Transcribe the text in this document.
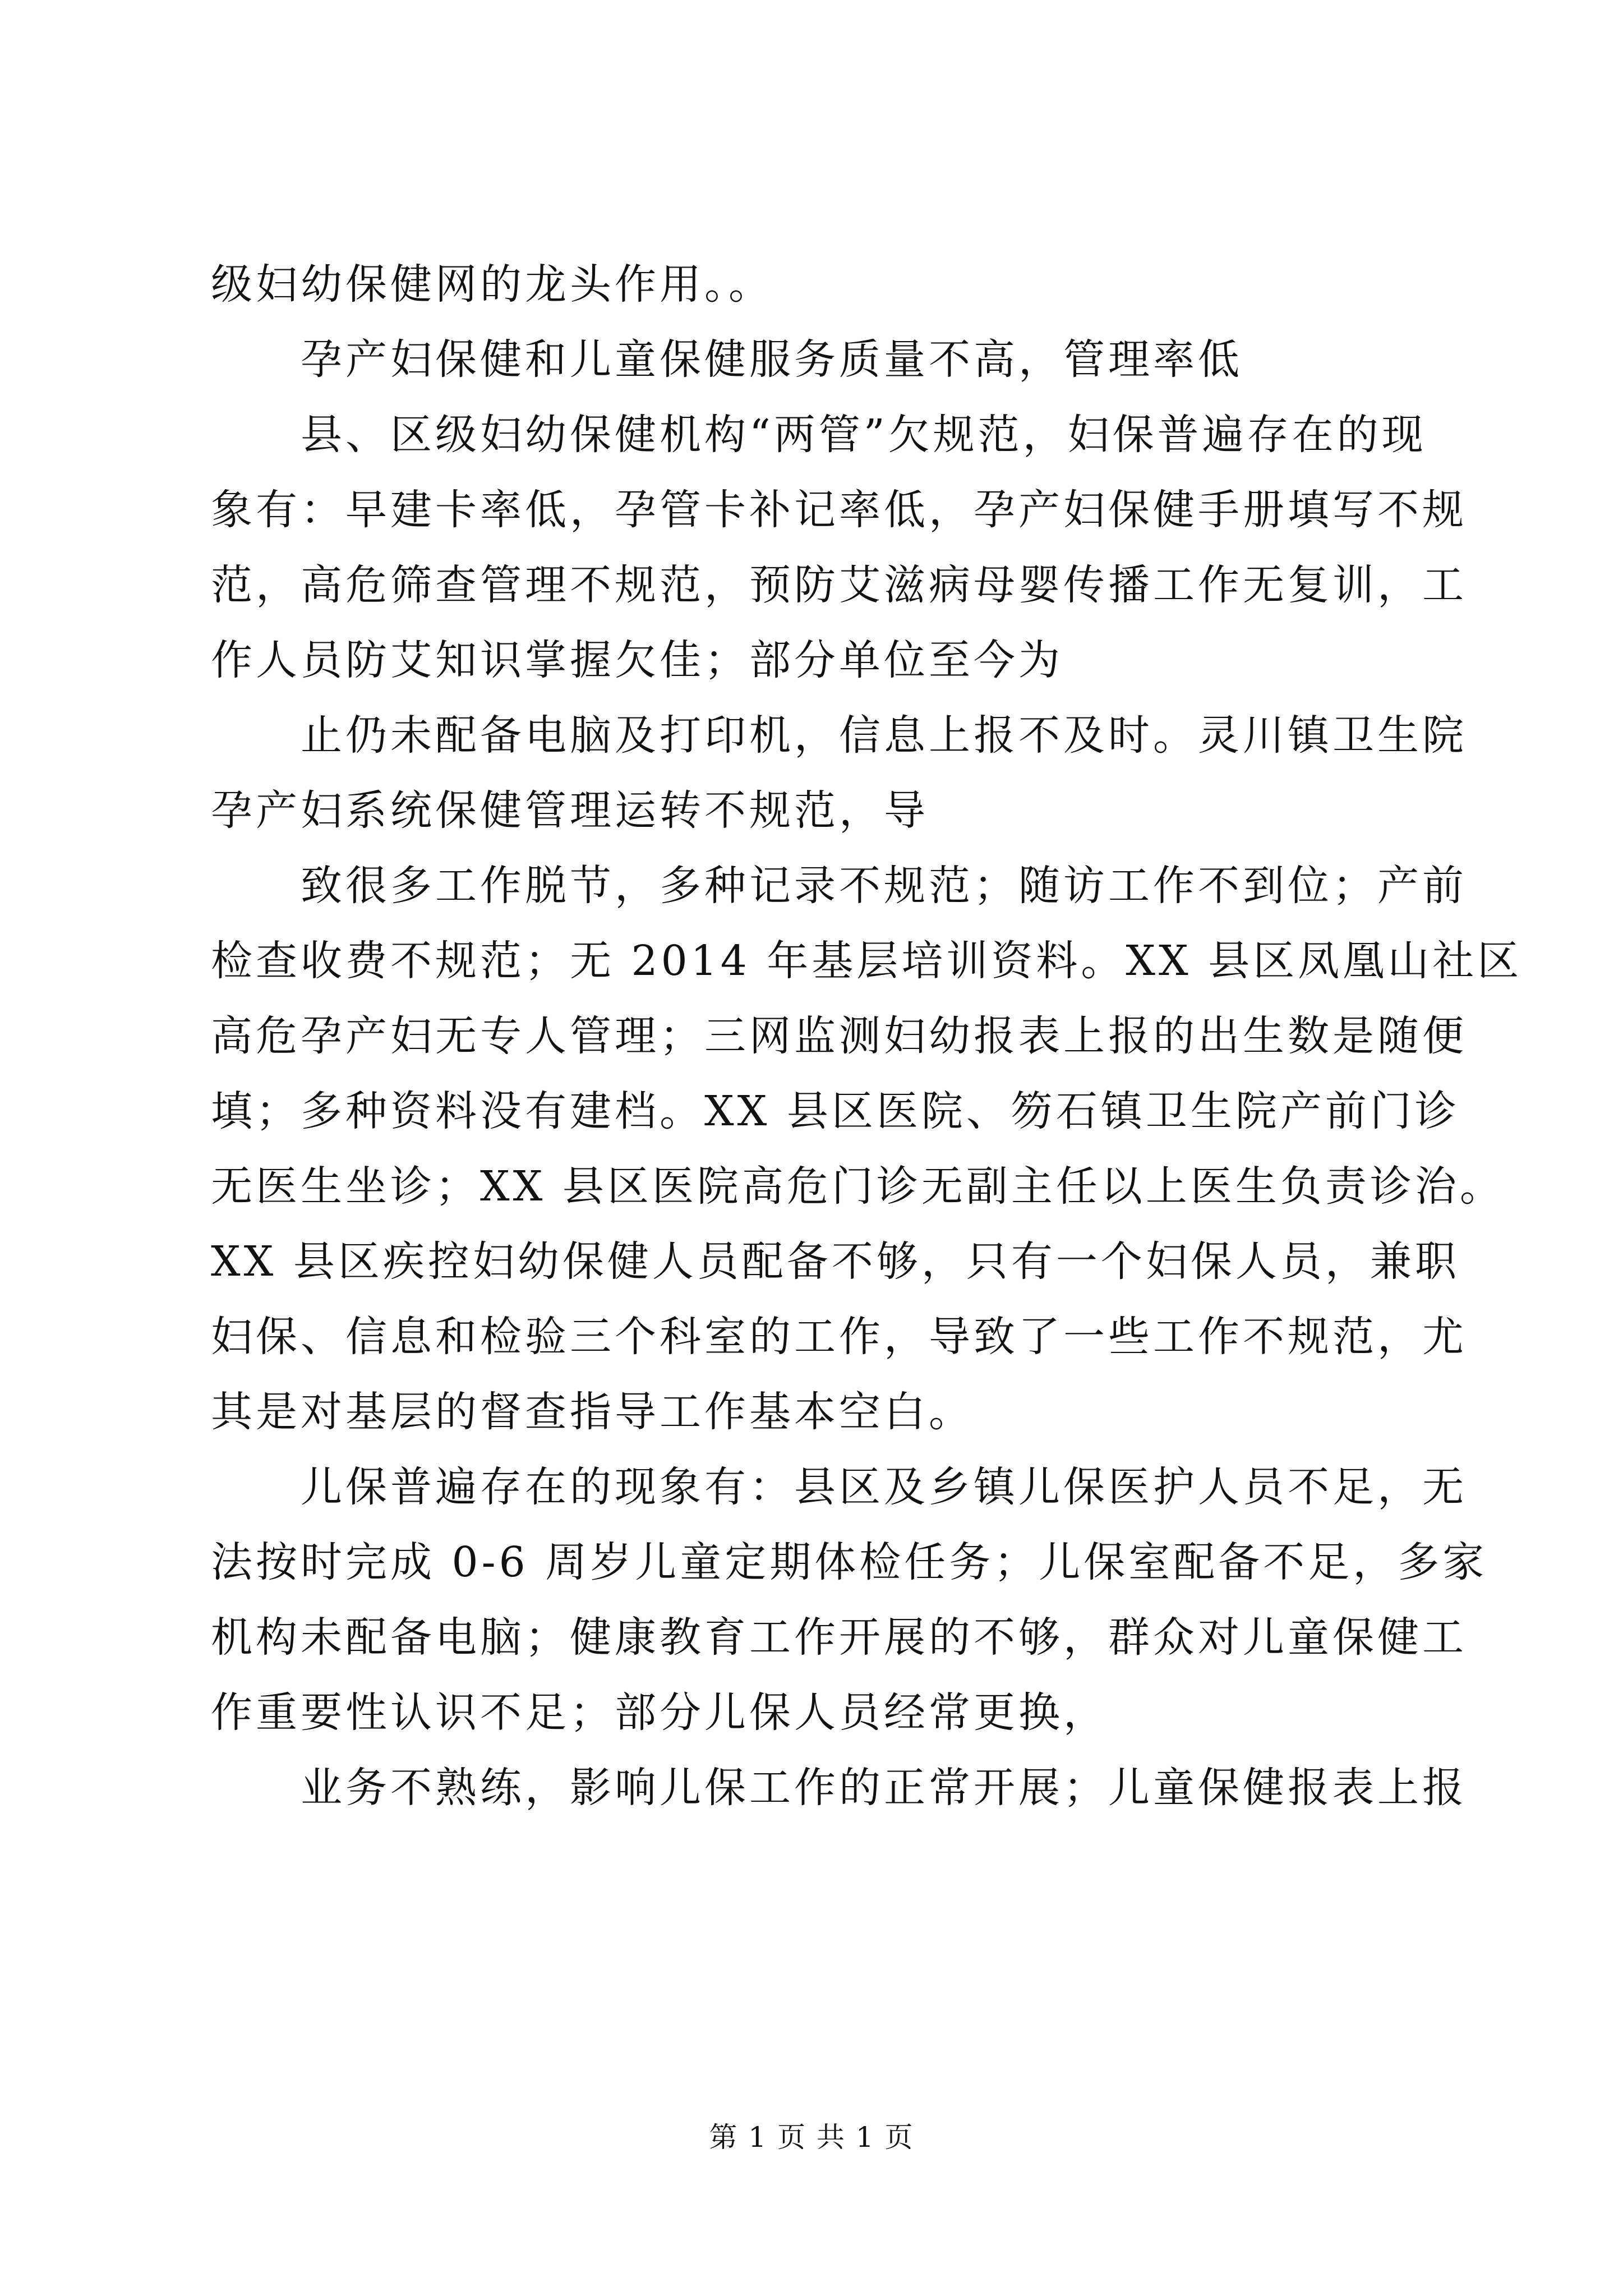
级妇幼保健网的龙头作用。。
孕产妇保健和儿童保健服务质量不高，管理率低
县、区级妇幼保健机构“两管”欠规范，妇保普遍存在的现
象有：早建卡率低，孕管卡补记率低，孕产妇保健手册填写不规
范，高危筛查管理不规范，预防艾滋病母婴传播工作无复训，工
作人员防艾知识掌握欠佳；部分单位至今为
止仍未配备电脑及打印机，信息上报不及时。灵川镇卫生院
孕产妇系统保健管理运转不规范，导
致很多工作脱节，多种记录不规范；随访工作不到位；产前
检查收费不规范；无 2014 年基层培训资料。XX 县区凤凰山社区
高危孕产妇无专人管理；三网监测妇幼报表上报的出生数是随便
填；多种资料没有建档。XX 县区医院、笏石镇卫生院产前门诊
无医生坐诊；XX 县区医院高危门诊无副主任以上医生负责诊治。
XX 县区疾控妇幼保健人员配备不够，只有一个妇保人员，兼职
妇保、信息和检验三个科室的工作，导致了一些工作不规范，尤
其是对基层的督查指导工作基本空白。
儿保普遍存在的现象有：县区及乡镇儿保医护人员不足，无
法按时完成 0-6 周岁儿童定期体检任务；儿保室配备不足，多家
机构未配备电脑；健康教育工作开展的不够，群众对儿童保健工
作重要性认识不足；部分儿保人员经常更换，
业务不熟练，影响儿保工作的正常开展；儿童保健报表上报
第 1 页 共 1 页
